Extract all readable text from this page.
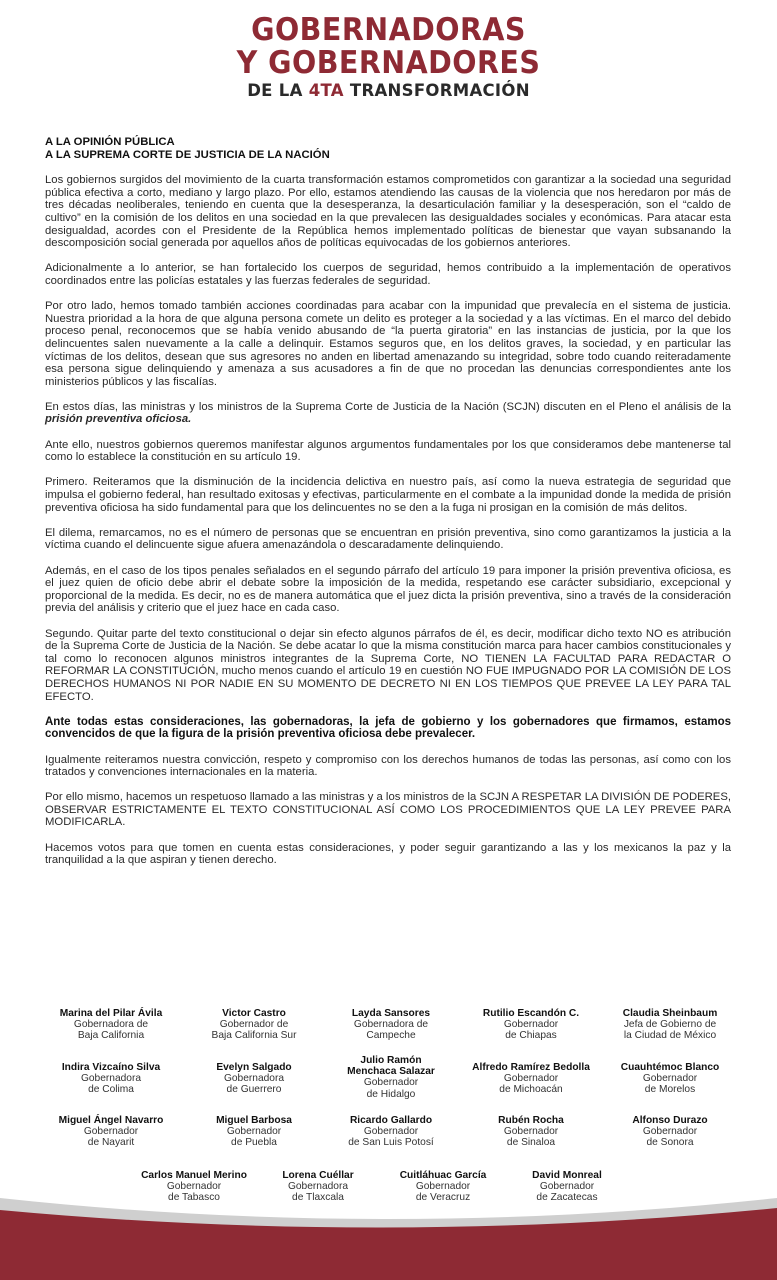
GOBERNADORAS
Y GOBERNADORES
DE LA 4TA TRANSFORMACIÓN
A LA OPINIÓN PÚBLICA
A LA SUPREMA CORTE DE JUSTICIA DE LA NACIÓN

Los gobiernos surgidos del movimiento de la cuarta transformación estamos comprometidos con garantizar a la sociedad una seguridad pública efectiva a corto, mediano y largo plazo. Por ello, estamos atendiendo las causas de la violencia que nos heredaron por más de tres décadas neoliberales, teniendo en cuenta que la desesperanza, la desarticulación familiar y la desesperación, son el “caldo de cultivo” en la comisión de los delitos en una sociedad en la que prevalecen las desigualdades sociales y económicas. Para atacar esta desigualdad, acordes con el Presidente de la República hemos implementado políticas de bienestar que vayan subsanando la descomposición social generada por aquellos años de políticas equivocadas de los gobiernos anteriores.

Adicionalmente a lo anterior, se han fortalecido los cuerpos de seguridad, hemos contribuido a la implementación de operativos coordinados entre las policías estatales y las fuerzas federales de seguridad.

Por otro lado, hemos tomado también acciones coordinadas para acabar con la impunidad que prevalecía en el sistema de justicia. Nuestra prioridad a la hora de que alguna persona comete un delito es proteger a la sociedad y a las víctimas. En el marco del debido proceso penal, reconocemos que se había venido abusando de “la puerta giratoria” en las instancias de justicia, por la que los delincuentes salen nuevamente a la calle a delinquir. Estamos seguros que, en los delitos graves, la sociedad, y en particular las víctimas de los delitos, desean que sus agresores no anden en libertad amenazando su integridad, sobre todo cuando reiteradamente esa persona sigue delinquiendo y amenaza a sus acusadores a fin de que no procedan las denuncias correspondientes ante los ministerios públicos y las fiscalías.

En estos días, las ministras y los ministros de la Suprema Corte de Justicia de la Nación (SCJN) discuten en el Pleno el análisis de la prisión preventiva oficiosa.

Ante ello, nuestros gobiernos queremos manifestar algunos argumentos fundamentales por los que consideramos debe mantenerse tal como lo establece la constitución en su artículo 19.

Primero. Reiteramos que la disminución de la incidencia delictiva en nuestro país, así como la nueva estrategia de seguridad que impulsa el gobierno federal, han resultado exitosas y efectivas, particularmente en el combate a la impunidad donde la medida de prisión preventiva oficiosa ha sido fundamental para que los delincuentes no se den a la fuga ni prosigan en la comisión de más delitos.

El dilema, remarcamos, no es el número de personas que se encuentran en prisión preventiva, sino como garantizamos la justicia a la víctima cuando el delincuente sigue afuera amenazándola o descaradamente delinquiendo.

Además, en el caso de los tipos penales señalados en el segundo párrafo del artículo 19 para imponer la prisión preventiva oficiosa, es el juez quien de oficio debe abrir el debate sobre la imposición de la medida, respetando ese carácter subsidiario, excepcional y proporcional de la medida. Es decir, no es de manera automática que el juez dicta la prisión preventiva, sino a través de la consideración previa del análisis y criterio que el juez hace en cada caso.

Segundo. Quitar parte del texto constitucional o dejar sin efecto algunos párrafos de él, es decir, modificar dicho texto NO es atribución de la Suprema Corte de Justicia de la Nación. Se debe acatar lo que la misma constitución marca para hacer cambios constitucionales y tal como lo reconocen algunos ministros integrantes de la Suprema Corte, NO TIENEN LA FACULTAD PARA REDACTAR O REFORMAR LA CONSTITUCIÓN, mucho menos cuando el artículo 19 en cuestión NO FUE IMPUGNADO POR LA COMISIÓN DE LOS DERECHOS HUMANOS NI POR NADIE EN SU MOMENTO DE DECRETO NI EN LOS TIEMPOS QUE PREVEE LA LEY PARA TAL EFECTO.

Ante todas estas consideraciones, las gobernadoras, la jefa de gobierno y los gobernadores que firmamos, estamos convencidos de que la figura de la prisión preventiva oficiosa debe prevalecer.

Igualmente reiteramos nuestra convicción, respeto y compromiso con los derechos humanos de todas las personas, así como con los tratados y convenciones internacionales en la materia.

Por ello mismo, hacemos un respetuoso llamado a las ministras y a los ministros de la SCJN A RESPETAR LA DIVISIÓN DE PODERES, OBSERVAR ESTRICTAMENTE EL TEXTO CONSTITUCIONAL ASÍ COMO LOS PROCEDIMIENTOS QUE LA LEY PREVEE PARA MODIFICARLA.

Hacemos votos para que tomen en cuenta estas consideraciones, y poder seguir garantizando a las y los mexicanos la paz y la tranquilidad a la que aspiran y tienen derecho.

Marina del Pilar Ávila
Gobernadora de
Baja California
Victor Castro
Gobernador de
Baja California Sur
Layda Sansores
Gobernadora de
Campeche
Rutilio Escandón C.
Gobernador
de Chiapas
Claudia Sheinbaum
Jefa de Gobierno de
la Ciudad de México
Indira Vizcaíno Silva
Gobernadora
de Colima
Evelyn Salgado
Gobernadora
de Guerrero
Julio Ramón
Menchaca Salazar
Gobernador
de Hidalgo
Alfredo Ramírez Bedolla
Gobernador
de Michoacán
Cuauhtémoc Blanco
Gobernador
de Morelos
Miguel Ángel Navarro
Gobernador
de Nayarit
Miguel Barbosa
Gobernador
de Puebla
Ricardo Gallardo
Gobernador
de San Luis Potosí
Rubén Rocha
Gobernador
de Sinaloa
Alfonso Durazo
Gobernador
de Sonora
Carlos Manuel Merino
Gobernador
de Tabasco
Lorena Cuéllar
Gobernadora
de Tlaxcala
Cuitláhuac García
Gobernador
de Veracruz
David Monreal
Gobernador
de Zacatecas
